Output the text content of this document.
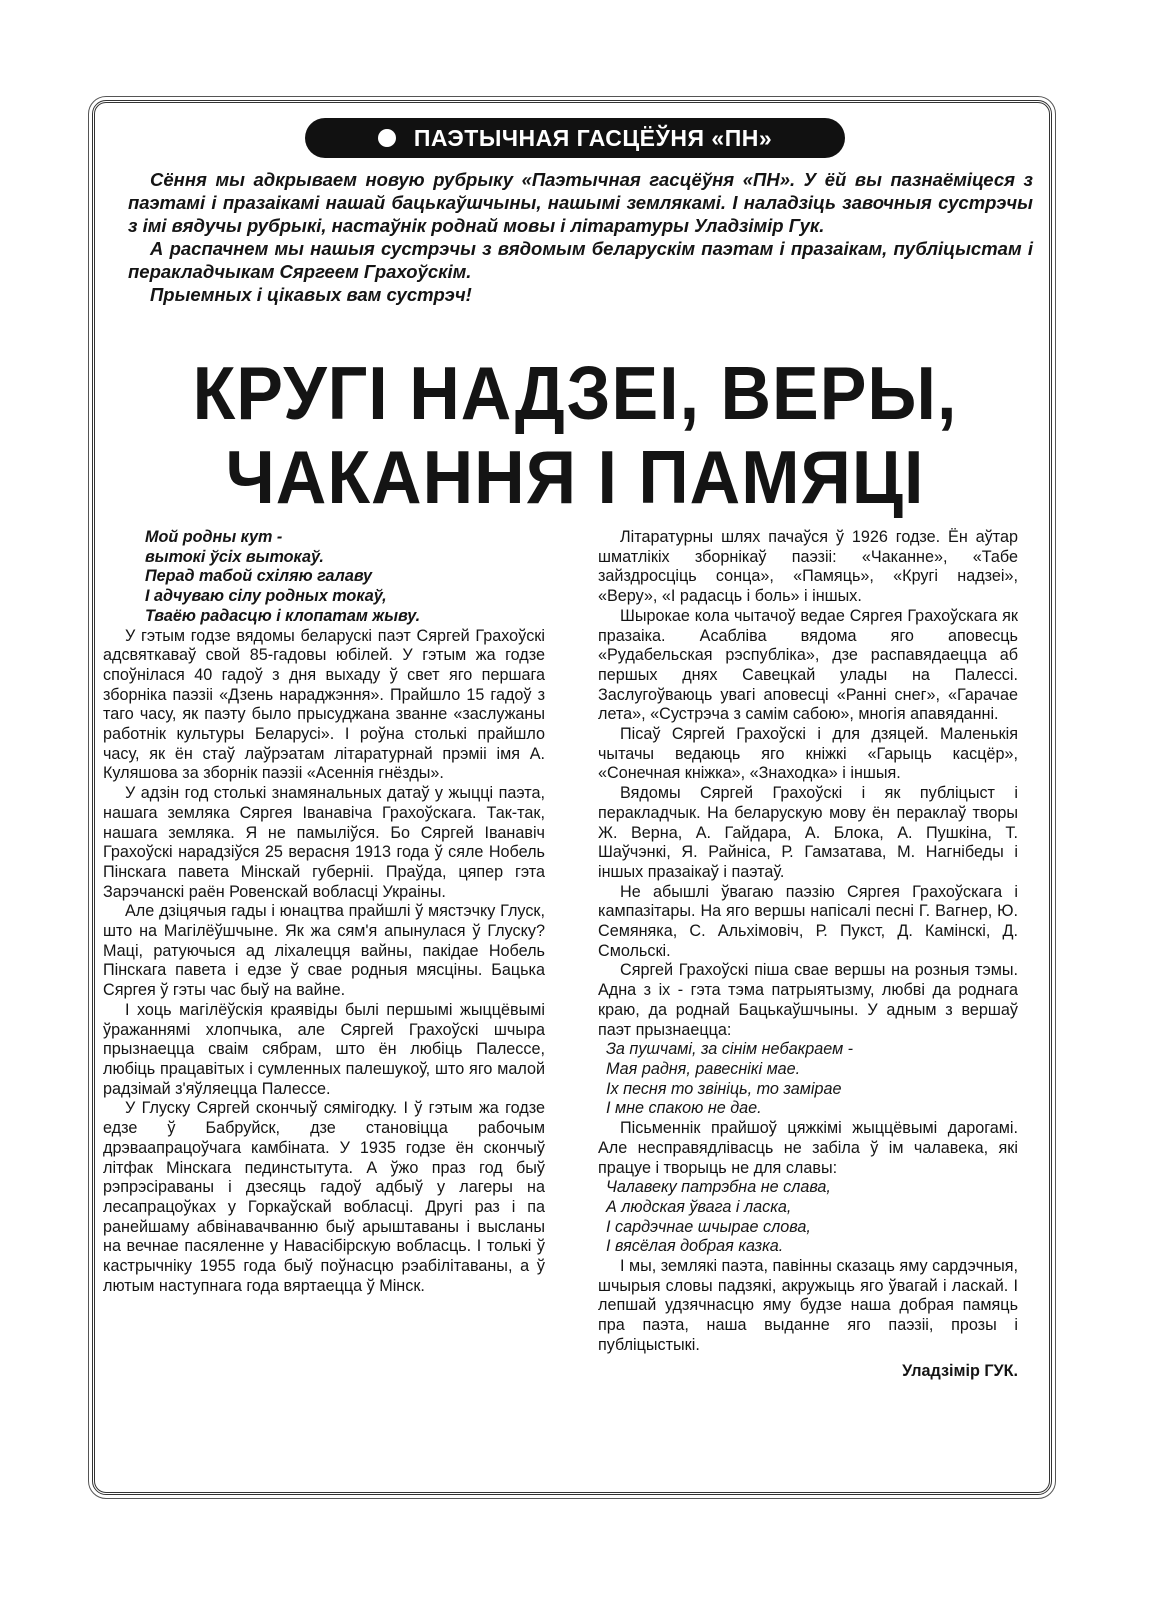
ПАЭТЫЧНАЯ ГАСЦЁЎНЯ «ПН»

Сёння мы адкрываем новую рубрыку «Паэтычная гасцёўня «ПН». У ёй вы пазнаёміцеся з паэтамі і празаікамі нашай бацькаўшчыны, нашымі землякамі. І наладзіць завочныя сустрэчы з імі вядучы рубрыкі, настаўнік роднай мовы і літаратуры Уладзімір Гук.

А распачнем мы нашыя сустрэчы з вядомым беларускім паэтам і празаікам, публіцыстам і перакладчыкам Сяргеем Грахоўскім.

Прыемных і цікавых вам сустрэч!

КРУГІ НАДЗЕІ, ВЕРЫ,
ЧАКАННЯ І ПАМЯЦІ
Мой родны кут -
вытокі ўсіх вытокаў.
Перад табой схіляю галаву
І адчуваю сілу родных токаў,
Тваёю радасцю і клопатам жыву.

У гэтым годзе вядомы беларускі паэт Сяргей Грахоўскі адсвяткаваў свой 85-гадовы юбілей. У гэтым жа годзе споўнілася 40 гадоў з дня выхаду ў свет яго першага зборніка паэзіі «Дзень нараджэння». Прайшло 15 гадоў з таго часу, як паэту было прысуджана званне «заслужаны работнік культуры Беларусі». І роўна столькі прайшло часу, як ён стаў лаўрэатам літаратурнай прэміі імя А. Куляшова за зборнік паэзіі «Асеннія гнёзды».

У адзін год столькі знамянальных датаў у жыцці паэта, нашага земляка Сяргея Іванавіча Грахоўскага. Так-так, нашага земляка. Я не памыліўся. Бо Сяргей Іванавіч Грахоўскі нарадзіўся 25 верасня 1913 года ў сяле Нобель Пінскага павета Мінскай губерніі. Праўда, цяпер гэта Зарэчанскі раён Ровенскай вобласці Украіны.

Але дзіцячыя гады і юнацтва прайшлі ў мястэчку Глуск, што на Магілёўшчыне. Як жа сям'я апынулася ў Глуску? Маці, ратуючыся ад ліхалецця вайны, пакідае Нобель Пінскага павета і едзе ў свае родныя мясціны. Бацька Сяргея ў гэты час быў на вайне.

І хоць магілёўскія краявіды былі першымі жыццёвымі ўражаннямі хлопчыка, але Сяргей Грахоўскі шчыра прызнаецца сваім сябрам, што ён любіць Палессе, любіць працавітых і сумленных палешукоў, што яго малой радзімай з'яўляецца Палессе.

У Глуску Сяргей скончыў сямігодку. І ў гэтым жа годзе едзе ў Бабруйск, дзе становіцца рабочым дрэваапрацоўчага камбіната. У 1935 годзе ён скончыў літфак Мінскага пединстытута. А ўжо праз год быў рэпрэсіраваны і дзесяць гадоў адбыў у лагеры на лесапрацоўках у Горкаўскай вобласці. Другі раз і па ранейшаму абвінавачванню быў арыштаваны і высланы на вечнае пасяленне у Навасібірскую вобласць. І толькі ў кастрычніку 1955 года быў поўнасцю рэабілітаваны, а ў лютым наступнага года вяртаецца ў Мінск.

Літаратурны шлях пачаўся ў 1926 годзе. Ён аўтар шматлікіх зборнікаў паэзіі: «Чаканне», «Табе зайздросціць сонца», «Памяць», «Кругі надзеі», «Веру», «І радасць і боль» і іншых.

Шырокае кола чытачоў ведае Сяргея Грахоўскага як празаіка. Асабліва вядома яго аповесць «Рудабельская рэспубліка», дзе распавядаецца аб першых днях Савецкай улады на Палессі. Заслугоўваюць увагі аповесці «Ранні снег», «Гарачае лета», «Сустрэча з самім сабою», многія апавяданні.

Пісаў Сяргей Грахоўскі і для дзяцей. Маленькія чытачы ведаюць яго кніжкі «Гарыць касцёр», «Сонечная кніжка», «Знаходка» і іншыя.

Вядомы Сяргей Грахоўскі і як публіцыст і перакладчык. На беларускую мову ён пераклаў творы Ж. Верна, А. Гайдара, А. Блока, А. Пушкіна, Т. Шаўчэнкі, Я. Райніса, Р. Гамзатава, М. Нагнібеды і іншых празаікаў і паэтаў.

Не абышлі ўвагаю паэзію Сяргея Грахоўскага і кампазітары. На яго вершы напісалі песні Г. Вагнер, Ю. Семяняка, С. Альхімовіч, Р. Пукст, Д. Камінскі, Д. Смольскі.

Сяргей Грахоўскі піша свае вершы на розныя тэмы. Адна з іх - гэта тэма патрыятызму, любві да роднага краю, да роднай Бацькаўшчыны. У адным з вершаў паэт прызнаецца:

За пушчамі, за сінім небакраем -
Мая радня, равеснікі мае.
Іх песня то звініць, то замірае
І мне спакою не дае.

Пісьменнік прайшоў цяжкімі жыццёвымі дарогамі. Але несправядлівасць не забіла ў ім чалавека, які працуе і творыць не для славы:

Чалавеку патрэбна не слава,
А людская ўвага і ласка,
І сардэчнае шчырае слова,
І вясёлая добрая казка.

І мы, землякі паэта, павінны сказаць яму сардэчныя, шчырыя словы падзякі, акружыць яго ўвагай і ласкай. І лепшай удзячнасцю яму будзе наша добрая памяць пра паэта, наша выданне яго паэзіі, прозы і публіцыстыкі.

Уладзімір ГУК.
